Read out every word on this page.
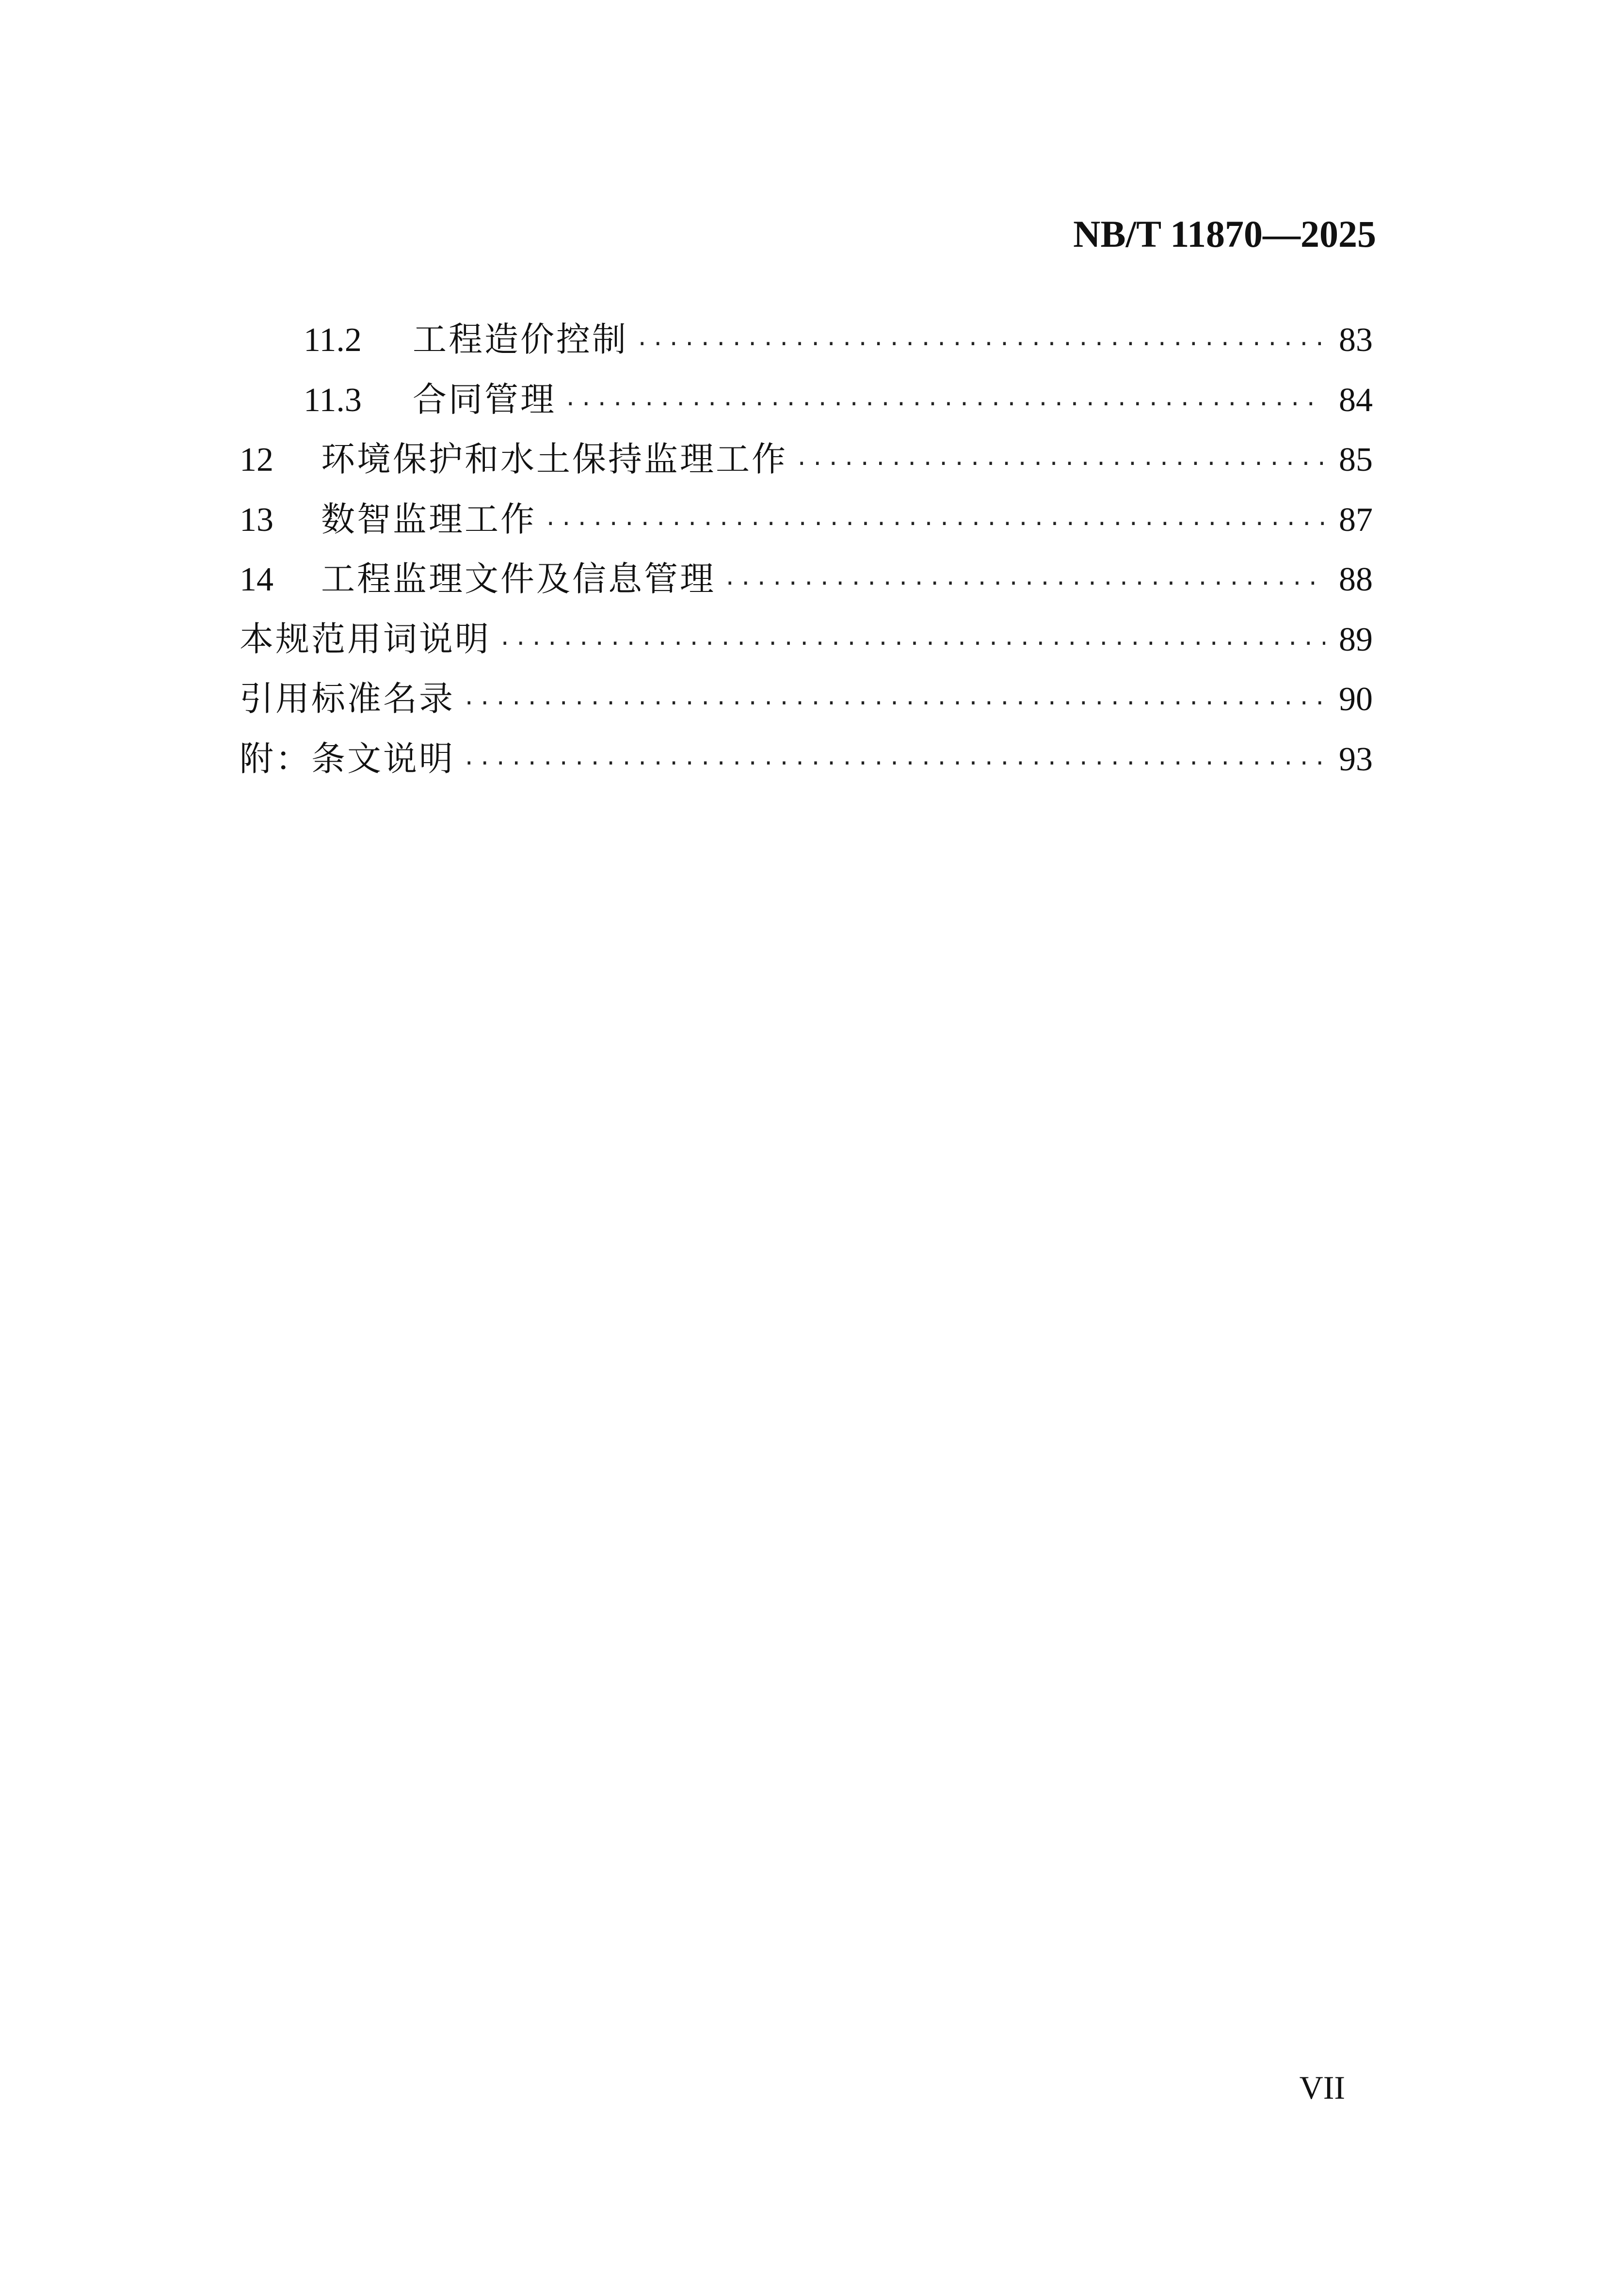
NB/T 11870—2025
11.2	工程造价控制 ·····	83
11.3	合同管理 ·····	84
12	环境保护和水土保持监理工作 ·····	85
13	数智监理工作 ·····	87
14	工程监理文件及信息管理 ·····	88
本规范用词说明 ·····	89
引用标准名录 ·····	90
附：条文说明 ·····	93
VII
